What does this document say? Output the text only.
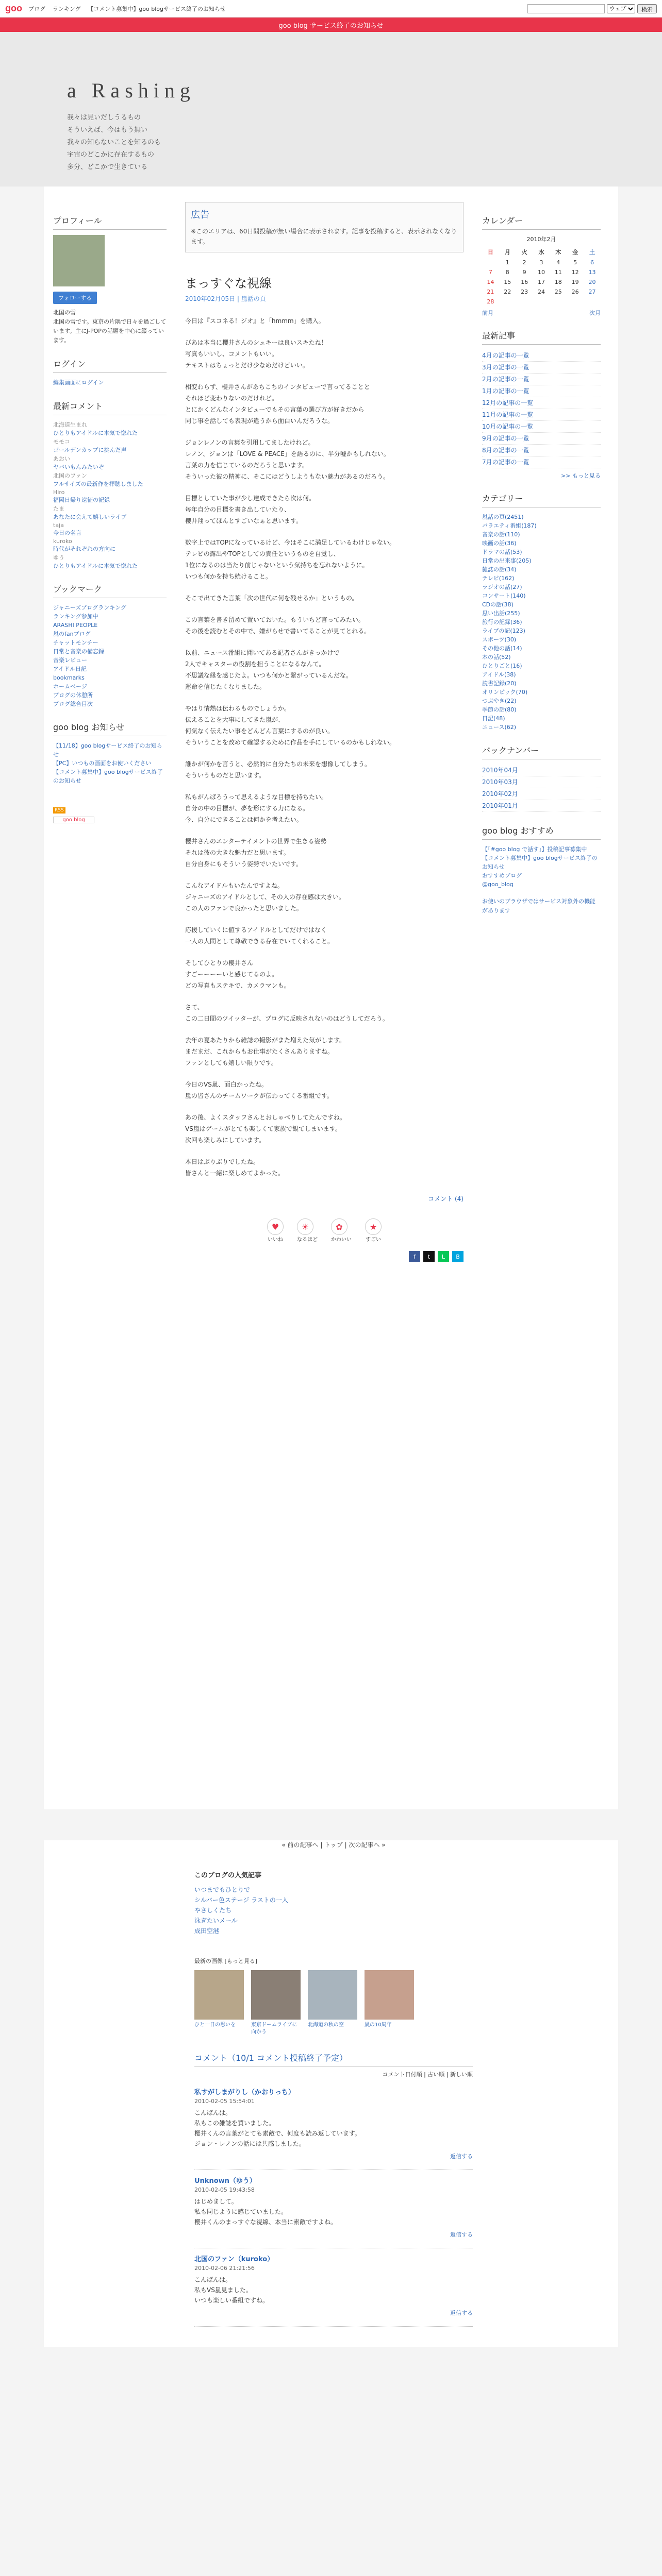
goo ブログ ランキング 【コメント募集中】goo blogサービス終了のお知らせ
ウェブ	検索
goo blog サービス終了のお知らせ
a Rashing
我々は見いだしうるもの
そういえば、今はもう無い
我々の知らないことを知るのも
宇宙のどこかに存在するもの
多分、どこかで生きている
プロフィール
フォローする
北国の雪
北国の雪です。東京の片隅で日々を過ごしています。主にJ-POPの話題を中心に綴っています。
ログイン
編集画面にログイン
最新コメント
北海道生まれ
ひとりもアイドルに本気で惚れた
モモコ
ゴールデンカップに挑んだ声
あおい
ヤバいもんみたいぞ
北国のファン
フルサイズの最新作を拝聴しました
Hiro
福岡日帰り遠征の記録
たま
あなたに会えて嬉しいライブ
taja
今日の名言
kuroko
時代がそれぞれの方向に
ゆう
ひとりもアイドルに本気で惚れた
ブックマーク
ジャニーズブログランキング
ランキング参加中
ARASHI PEOPLE
嵐のfanブログ
チャットモンチー
日常と音楽の備忘録
音楽レビュー
アイドル日記
bookmarks
ホームページ
ブログの休憩所
ブログ総合目次
goo blog お知らせ
【11/18】goo blogサービス終了のお知らせ
【PC】いつもの画面をお使いください
【コメント募集中】goo blogサービス終了のお知らせ
RSS
goo blog
広告
※このエリアは、60日間投稿が無い場合に表示されます。記事を投稿すると、表示されなくなります。
まっすぐな視線
2010年02月05日 | 嵐話の頁

今日は『スコネる！ジオ』と「hmmm」を購入。

びあは本当に櫻井さんのシュキーは良いスキたね！
写真もいいし、コメントもいい。
テキストはちょっとだけ少なめだけどいい。

相変わらず、櫻井さんがあちこちのインタビューで言ってることと
それほど変わりないのだけれど。
とにかくどんなインタビューでもその言葉の選び方が好きだから
同じ事を話しても表現が違うから面白いんだろうな。

ジョンレノンの言葉を引用してましたけれど。
レノン、ジョンは「LOVE & PEACE」を語るのに、半分嘘かもしれない。
言葉の力を信じているのだろうと思います。
そういった彼の精神に、そこにはどうしようもない魅力があるのだろう。

目標としていた事が少し達成できたら次は何。
毎年自分の目標を書き出していたり、
櫻井翔ってほんとすごいなぁと思います。

数字上ではTOPになっているけど、今はそこに満足しているわけじゃない。
テレビの露出やTOPとしての責任というものを自覚し、
1位になるのは当たり前じゃないという気持ちを忘れないように。
いつも何かを持ち続けること。

そこで出てきた言葉「次の世代に何を残せるか」というもの。

この言葉を書き留めて置いておいた。もういちど言ってみたい。
その後を読むとその中で、嫌がらせで書いてることが見てとれる。

以前、ニュース番組に聞いてある記者さんがきっかけで
2人でキャスターの役割を担うことになるなんて。
不思議な縁を感じたよ。いつも何かと繋がっているんだな。
運命を信じたくなりました。

やはり情熱は伝わるものでしょうか。
伝えることを大事にしてきた嵐が、
何気なく伝えたい事をどんどん言葉にするのが良い。
そういうことを改めて確認するために作品を手にしているのかもしれない。

誰かが何かを言うと、必然的に自分たちの未来を想像してしまう。
そういうものだと思います。

私もがんばろうって思えるような目標を持ちたい。
自分の中の目標が、夢を形にする力になる。
今、自分にできることは何かを考えたい。

櫻井さんのエンターテイメントの世界で生きる姿勢
それは彼の大きな魅力だと思います。
自分自身にもそういう姿勢でいたいです。

こんなアイドルもいたんですよね。
ジャニーズのアイドルとして、その人の存在感は大きい。
この人のファンで良かったと思いました。

応援していくに値するアイドルとしてだけではなく
一人の人間として尊敬できる存在でいてくれること。

そしてひとりの櫻井さん
すごーーーーいと感じてるのよ。
どの写真もステキで、カメラマンも。

さて、
この二日間のツイッターが、ブログに反映されないのはどうしてだろう。

去年の夏あたりから雑誌の撮影がまた増えた気がします。
まだまだ、これからもお仕事がたくさんありますね。
ファンとしても嬉しい限りです。

今日のVS嵐、面白かったね。
嵐の皆さんのチームワークが伝わってくる番組です。

あの後、よくスタッフさんとおしゃべりしてたんですね。
VS嵐はゲームがとても楽しくて家族で観てしまいます。
次回も楽しみにしています。

本日はぶりぶりでしたね。
皆さんと一緒に楽しめてよかった。

コメント (4)
♥
いいね
☀
なるほど
✿
かわいい
★
すごい
f	t	L	B
カレンダー
2010年2月
日	月	火	水	木	金	土
	1	2	3	4	5	6
7	8	9	10	11	12	13
14	15	16	17	18	19	20
21	22	23	24	25	26	27
28						
前月	次月
最新記事
4月の記事の一覧
3月の記事の一覧
2月の記事の一覧
1月の記事の一覧
12月の記事の一覧
11月の記事の一覧
10月の記事の一覧
9月の記事の一覧
8月の記事の一覧
7月の記事の一覧
>> もっと見る
カテゴリー
嵐話の頁(2451)
バラエティ番組(187)
音楽の話(110)
映画の話(36)
ドラマの話(53)
日常の出来事(205)
雑誌の話(34)
テレビ(162)
ラジオの話(27)
コンサート(140)
CDの話(38)
思い出話(255)
旅行の記録(36)
ライブの記(123)
スポーツ(30)
その他の話(14)
本の話(52)
ひとりごと(16)
アイドル(38)
読書記録(20)
オリンピック(70)
つぶやき(22)
季節の話(80)
日記(48)
ニュース(62)
バックナンバー
2010年04月
2010年03月
2010年02月
2010年01月
goo blog おすすめ
【「#goo blog で話す」】投稿記事募集中
【コメント募集中】goo blogサービス終了のお知らせ
おすすめブログ
@goo_blog
お使いのブラウザではサービス対象外の機能があります
« 前の記事へ | トップ | 次の記事へ »
このブログの人気記事
いつまでもひとりで
シルバー色ステージ ラストの一人
やさしくたち
泳ぎたいメール
成田空港
最新の画像 [もっと見る]
ひと一日の思いを	東京ドームライブに向かう
北海道の秋の空	嵐の10周年
コメント（10/1 コメント投稿終了予定）
コメント日付順 | 古い順 | 新しい順
私すがしまがりし（かおりっち）
2010-02-05 15:54:01
こんばんは。
私もこの雑誌を買いました。
櫻井くんの言葉がとても素敵で、何度も読み返しています。
ジョン・レノンの話には共感しました。
返信する
Unknown（ゆう）
2010-02-05 19:43:58
はじめまして。
私も同じように感じていました。
櫻井くんのまっすぐな視線、本当に素敵ですよね。
返信する
北国のファン（kuroko）
2010-02-06 21:21:56
こんばんは。
私もVS嵐見ました。
いつも楽しい番組ですね。
返信する
